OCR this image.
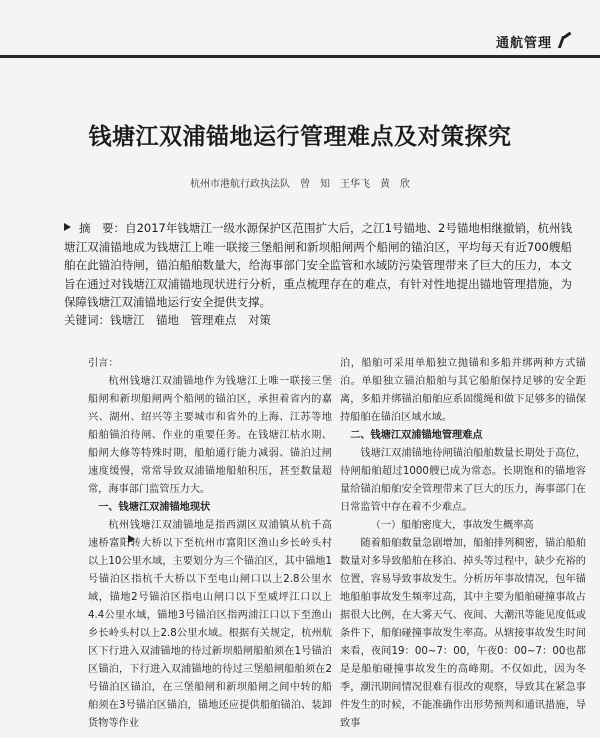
通航管理
钱塘江双浦锚地运行管理难点及对策探究
杭州市港航行政执法队　曾　知　王华飞　黄　欣
摘　要：自2017年钱塘江一级水源保护区范围扩大后，之江1号锚地、2号锚地相继撤销，杭州钱塘江双浦锚地成为钱塘江上唯一联接三堡船闸和新坝船闸两个船闸的锚泊区，平均每天有近700艘船舶在此锚泊待闸，锚泊船舶数量大，给海事部门安全监管和水域防污染管理带来了巨大的压力，本文旨在通过对钱塘江双浦锚地现状进行分析，重点梳理存在的难点，有针对性地提出锚地管理措施，为保障钱塘江双浦锚地运行安全提供支撑。
关键词：钱塘江　锚地　管理难点　对策

引言：

杭州钱塘江双浦锚地作为钱塘江上唯一联接三堡船闸和新坝船闸两个船闸的锚泊区，承担着省内的嘉兴、湖州、绍兴等主要城市和省外的上海、江苏等地船舶锚泊待闸、作业的重要任务。在钱塘江枯水期、船闸大修等特殊时期，船舶通行能力减弱、锚泊过闸速度缓慢，常常导致双浦锚地船舶积压，甚至数量超常，海事部门监管压力大。

一、钱塘江双浦锚地现状

杭州钱塘江双浦锚地是指西湖区双浦镇从杭千高速桥富阳转大桥以下至杭州市富阳区渔山乡长岭头村以上10公里水域，主要划分为三个锚泊区，其中锚地1号锚泊区指杭千大桥以下至电山闸口以上2.8公里水域，锚地2号锚泊区指电山闸口以下至威坪江口以上4.4公里水域，锚地3号锚泊区指两浦江口以下至渔山乡长岭头村以上2.8公里水域。根据有关规定，杭州航区下行进入双浦锚地的待过新坝船闸船舶须在1号锚泊区锚泊，下行进入双浦锚地的待过三堡船闸船舶须在2号锚泊区锚泊，在三堡船闸和新坝船闸之间中转的船舶须在3号锚泊区锚泊，锚地还应提供船舶锚泊、装卸货物等作业

泊，船舶可采用单船独立抛锚和多船并绑两种方式锚泊。单船独立锚泊船舶与其它船舶保持足够的安全距离，多船并绑锚泊船舶应系固缆绳和做下足够多的锚保持船舶在锚泊区域水域。

二、钱塘江双浦锚地管理难点

钱塘江双浦锚地待闸锚泊船舶数量长期处于高位，待闸船舶超过1000艘已成为常态。长期饱和的锚地容量给锚泊船舶安全管理带来了巨大的压力，海事部门在日常监管中存在着不少难点。

（一）船舶密度大，事故发生概率高

随着船舶数量急剧增加，船舶排列稠密，锚泊船舶数量对多导致船舶在移泊、掉头等过程中，缺少充裕的位置，容易导致事故发生。分析历年事故情况，包年锚地船舶事故发生频率过高，其中主要为船舶碰撞事故占据很大比例，在大雾天气、夜间、大潮汛等能见度低或条件下，船舶碰撞事故发生率高。从辖接事故发生时间来看，夜间19：00~7：00，午夜0：00~7：00也都是是船舶碰撞事故发生的高峰期。不仅如此，因为冬季，潮汛期间情况很难有很改的观察，导致其在紧急事件发生的时候，不能准确作出形势预判和通讯措施，导致事
